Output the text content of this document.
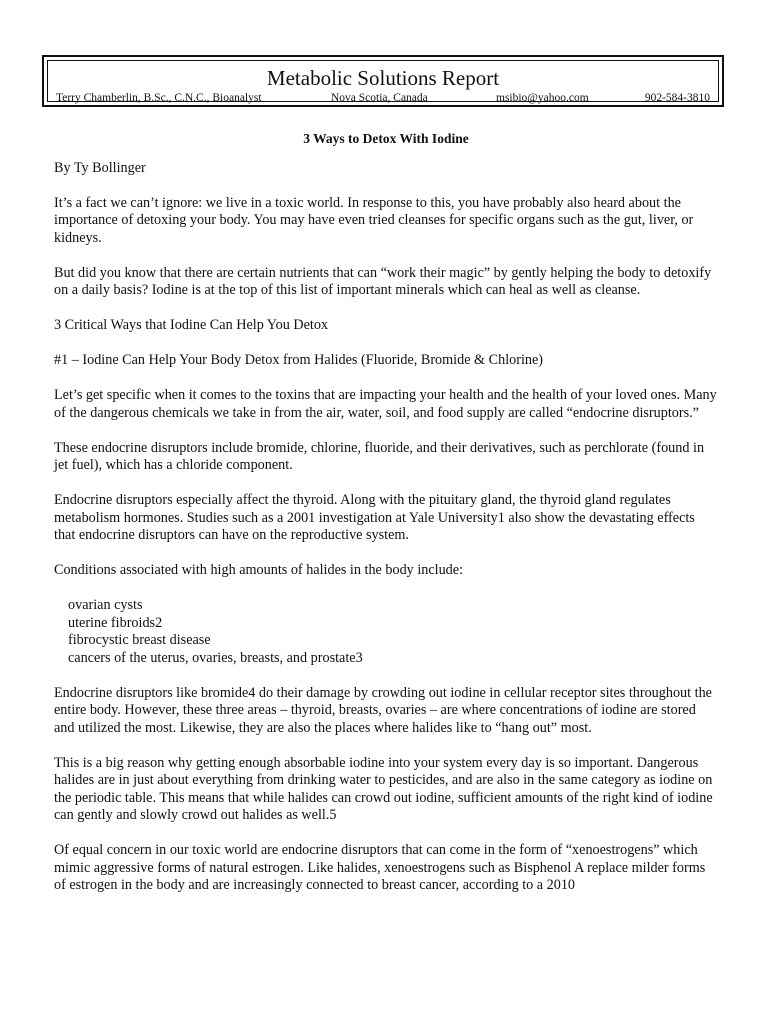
Metabolic Solutions Report
Terry Chamberlin, B.Sc., C.N.C., Bioanalyst	Nova Scotia, Canada	msibio@yahoo.com	902-584-3810
3 Ways to Detox With Iodine

By Ty Bollinger

It’s a fact we can’t ignore: we live in a toxic world. In response to this, you have probably also heard about the importance of detoxing your body. You may have even tried cleanses for specific organs such as the gut, liver, or kidneys.

But did you know that there are certain nutrients that can “work their magic” by gently helping the body to detoxify on a daily basis? Iodine is at the top of this list of important minerals which can heal as well as cleanse.

3 Critical Ways that Iodine Can Help You Detox

#1 – Iodine Can Help Your Body Detox from Halides (Fluoride, Bromide & Chlorine)

Let’s get specific when it comes to the toxins that are impacting your health and the health of your loved ones. Many of the dangerous chemicals we take in from the air, water, soil, and food supply are called “endocrine disruptors.”

These endocrine disruptors include bromide, chlorine, fluoride, and their derivatives, such as perchlorate (found in jet fuel), which has a chloride component.

Endocrine disruptors especially affect the thyroid. Along with the pituitary gland, the thyroid gland regulates metabolism hormones. Studies such as a 2001 investigation at Yale University1 also show the devastating effects that endocrine disruptors can have on the reproductive system.

Conditions associated with high amounts of halides in the body include:

ovarian cysts
uterine fibroids2
fibrocystic breast disease
cancers of the uterus, ovaries, breasts, and prostate3

Endocrine disruptors like bromide4 do their damage by crowding out iodine in cellular receptor sites throughout the entire body. However, these three areas – thyroid, breasts, ovaries – are where concentrations of iodine are stored and utilized the most. Likewise, they are also the places where halides like to “hang out” most.

This is a big reason why getting enough absorbable iodine into your system every day is so important. Dangerous halides are in just about everything from drinking water to pesticides, and are also in the same category as iodine on the periodic table. This means that while halides can crowd out iodine, sufficient amounts of the right kind of iodine can gently and slowly crowd out halides as well.5

Of equal concern in our toxic world are endocrine disruptors that can come in the form of “xenoestrogens” which mimic aggressive forms of natural estrogen. Like halides, xenoestrogens such as Bisphenol A replace milder forms of estrogen in the body and are increasingly connected to breast cancer, according to a 2010
